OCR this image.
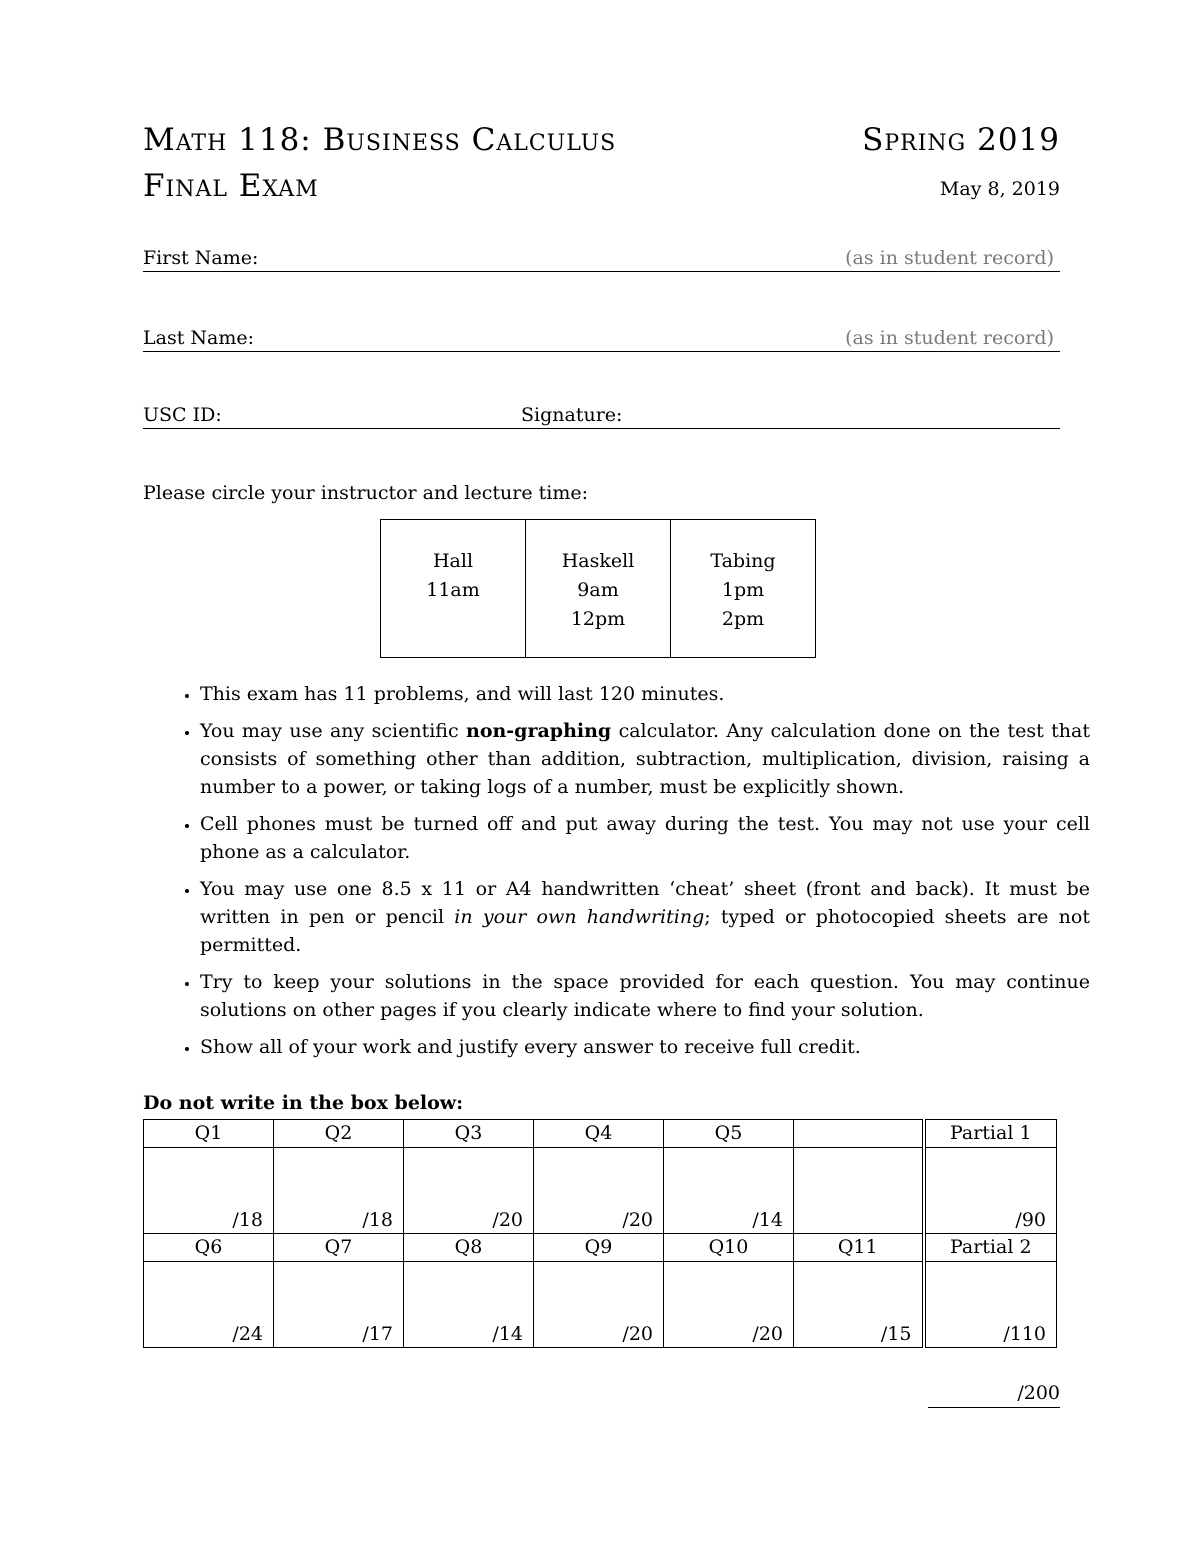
Math 118: Business Calculus	Spring 2019
Final Exam	May 8, 2019
First Name:	(as in student record)
Last Name:	(as in student record)
USC ID:	Signature:
Please circle your instructor and lecture time:
Hall
11am

Haskell
9am
12pm

Tabing
1pm
2pm
• This exam has 11 problems, and will last 120 minutes.
• You may use any scientific non-graphing calculator. Any calculation done on the test that consists of something other than addition, subtraction, multiplication, division, raising a number to a power, or taking logs of a number, must be explicitly shown.
• Cell phones must be turned off and put away during the test. You may not use your cell phone as a calculator.
• You may use one 8.5 x 11 or A4 handwritten ‘cheat’ sheet (front and back). It must be written in pen or pencil in your own handwriting; typed or photocopied sheets are not permitted.
• Try to keep your solutions in the space provided for each question. You may continue solutions on other pages if you clearly indicate where to find your solution.
• Show all of your work and justify every answer to receive full credit.
Do not write in the box below:
Q1	Q2	Q3	Q4	Q5		Partial 1
/18	/18	/20	/20	/14		/90
Q6	Q7	Q8	Q9	Q10	Q11	Partial 2
/24	/17	/14	/20	/20	/15	/110
/200
